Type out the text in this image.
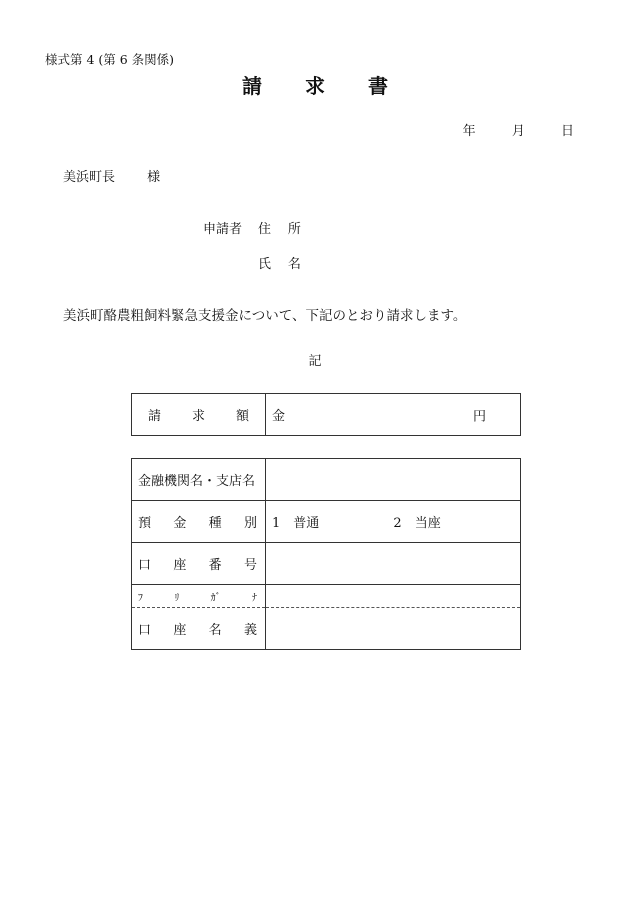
様式第 4 (第 6 条関係)
請 求 書
年	月	日
美浜町長 様
申請者 住所
氏名
美浜町酪農粗飼料緊急支援金について、下記のとおり請求します。
記
請 求 額	金	円
金融機関名・支店名	

預 金 種 別	1　普通 2　当座

口 座 番 号	

ﾌ ﾘ ｶﾞ ﾅ	

口 座 名 義	
